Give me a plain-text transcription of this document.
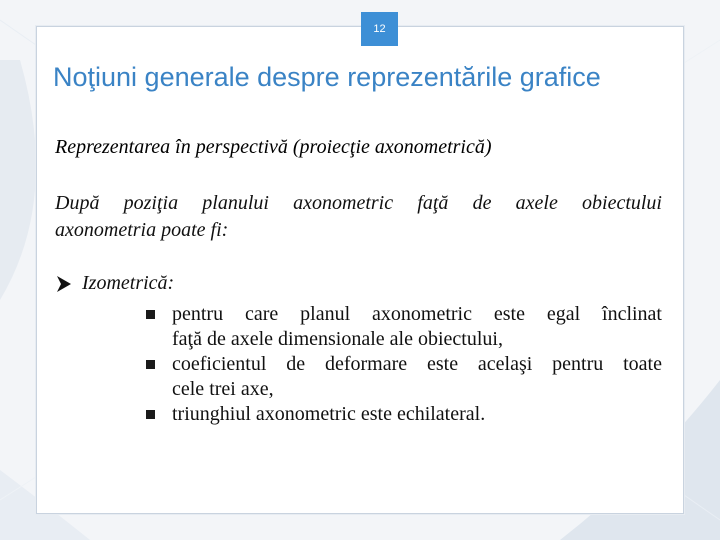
12
Noţiuni generale despre reprezentările grafice

Reprezentarea în perspectivă (proiecţie axonometrică)

După poziţia planului axonometric faţă de axele obiectului
axonometria poate fi:

Izometrică:
pentru care planul axonometric este egal înclinat
faţă de axele dimensionale ale obiectului,
coeficientul de deformare este acelaşi pentru toate
cele trei axe,
triunghiul axonometric este echilateral.
